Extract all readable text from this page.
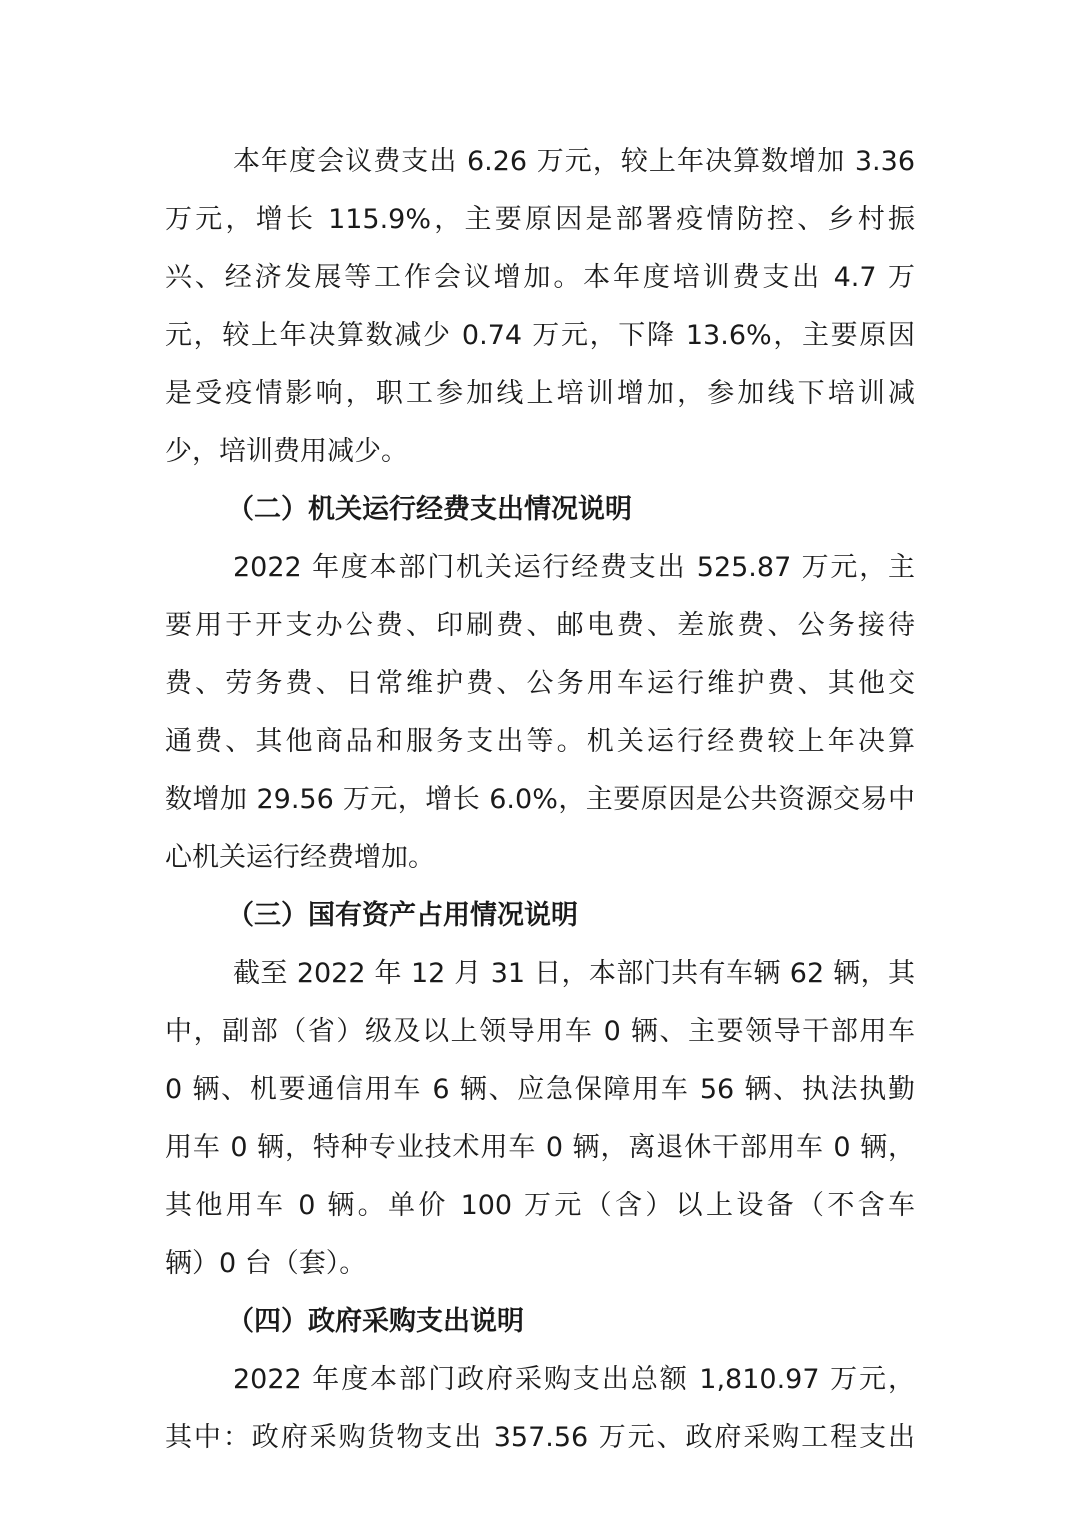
本年度会议费支出 6.26 万元，较上年决算数增加 3.36
万元，增长 115.9%，主要原因是部署疫情防控、乡村振
兴、经济发展等工作会议增加。本年度培训费支出 4.7 万
元，较上年决算数减少 0.74 万元，下降 13.6%，主要原因
是受疫情影响，职工参加线上培训增加，参加线下培训减
少，培训费用减少。
（二）机关运行经费支出情况说明
2022 年度本部门机关运行经费支出 525.87 万元，主
要用于开支办公费、印刷费、邮电费、差旅费、公务接待
费、劳务费、日常维护费、公务用车运行维护费、其他交
通费、其他商品和服务支出等。机关运行经费较上年决算
数增加 29.56 万元，增长 6.0%，主要原因是公共资源交易中
心机关运行经费增加。
（三）国有资产占用情况说明
截至 2022 年 12 月 31 日，本部门共有车辆 62 辆，其
中，副部（省）级及以上领导用车 0 辆、主要领导干部用车
0 辆、机要通信用车 6 辆、应急保障用车 56 辆、执法执勤
用车 0 辆，特种专业技术用车 0 辆，离退休干部用车 0 辆，
其他用车 0 辆。单价 100 万元（含）以上设备（不含车
辆）0 台（套）。
（四）政府采购支出说明
2022 年度本部门政府采购支出总额 1,810.97 万元，
其中：政府采购货物支出 357.56 万元、政府采购工程支出
